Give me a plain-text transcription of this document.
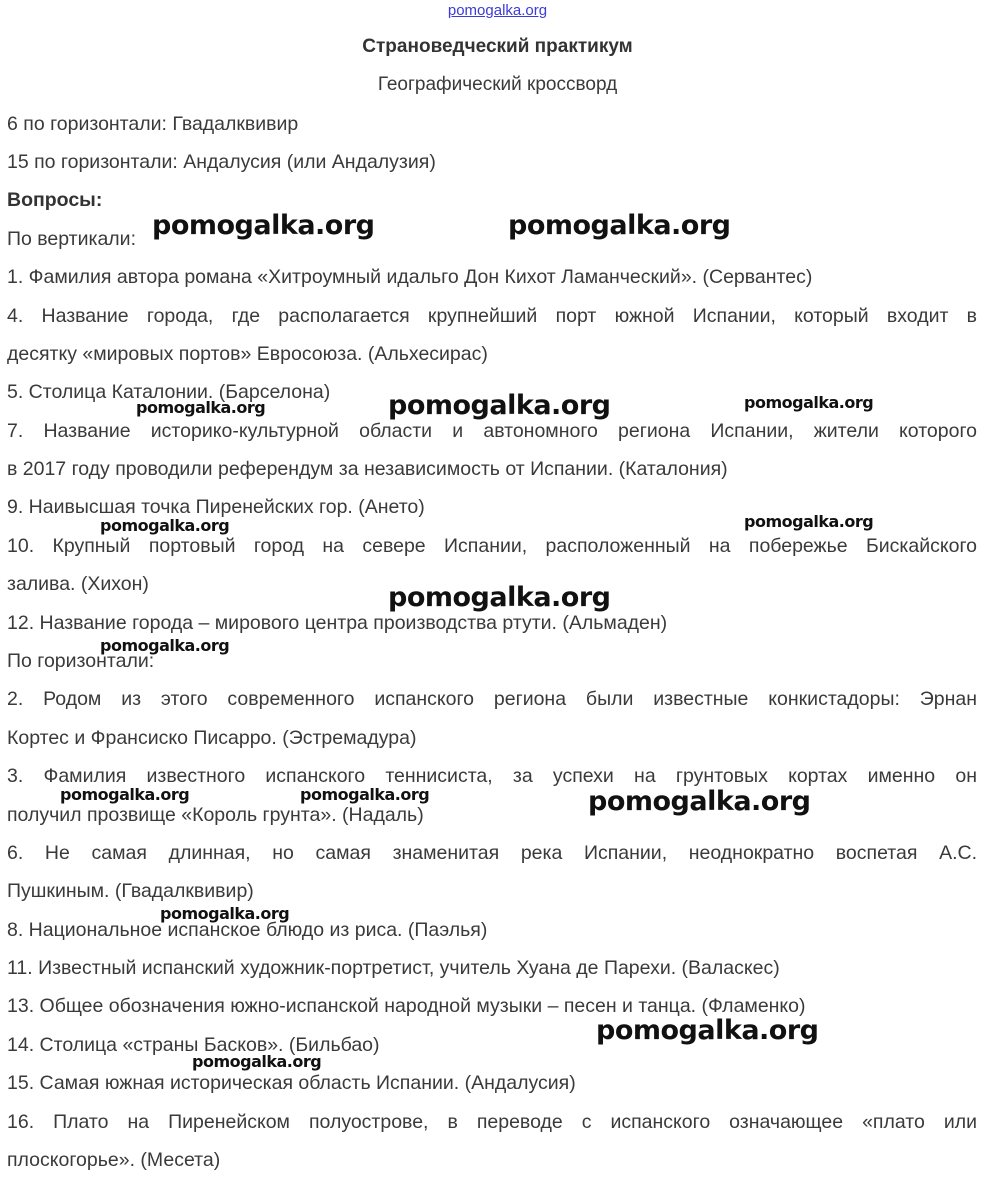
pomogalka.org
Страноведческий практикум
Географический кроссворд
6 по горизонтали: Гвадалквивир
15 по горизонтали: Андалусия (или Андалузия)
Вопросы:
По вертикали:
1. Фамилия автора романа «Хитроумный идальго Дон Кихот Ламанческий». (Сервантес)
4. Название города, где располагается крупнейший порт южной Испании, который входит в
десятку «мировых портов» Евросоюза. (Альхесирас)
5. Столица Каталонии. (Барселона)
7. Название историко-культурной области и автономного региона Испании, жители которого
в 2017 году проводили референдум за независимость от Испании. (Каталония)
9. Наивысшая точка Пиренейских гор. (Ането)
10. Крупный портовый город на севере Испании, расположенный на побережье Бискайского
залива. (Хихон)
12. Название города – мирового центра производства ртути. (Альмаден)
По горизонтали:
2. Родом из этого современного испанского региона были известные конкистадоры: Эрнан
Кортес и Франсиско Писарро. (Эстремадура)
3. Фамилия известного испанского теннисиста, за успехи на грунтовых кортах именно он
получил прозвище «Король грунта». (Надаль)
6. Не самая длинная, но самая знаменитая река Испании, неоднократно воспетая А.С.
Пушкиным. (Гвадалквивир)
8. Национальное испанское блюдо из риса. (Паэлья)
11. Известный испанский художник-портретист, учитель Хуана де Парехи. (Валаскес)
13. Общее обозначения южно-испанской народной музыки – песен и танца. (Фламенко)
14. Столица «страны Басков». (Бильбао)
15. Самая южная историческая область Испании. (Андалусия)
16. Плато на Пиренейском полуострове, в переводе с испанского означающее «плато или
плоскогорье». (Месета)
pomogalka.org	pomogalka.org
pomogalka.org	pomogalka.org	pomogalka.org
pomogalka.org	pomogalka.org
pomogalka.org
pomogalka.org
pomogalka.org	pomogalka.org	pomogalka.org
pomogalka.org
pomogalka.org
pomogalka.org
